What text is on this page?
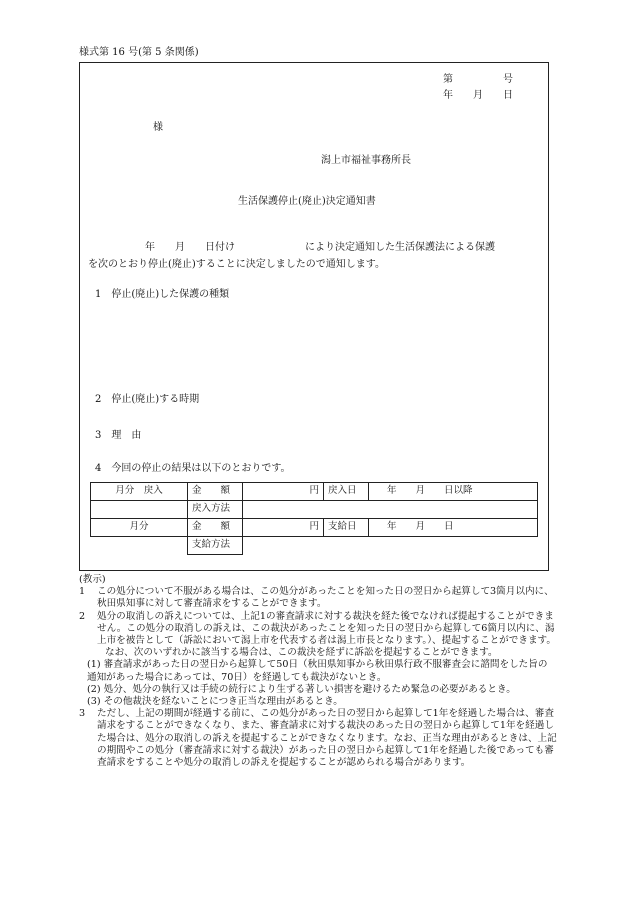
様式第 16 号(第 5 条関係)
第　　　　　号
年　　月　　日
様
潟上市福祉事務所長
生活保護停止(廃止)決定通知書
年　　月　　日付け　　　　　　　により決定通知した生活保護法による保護
を次のとおり停止(廃止)することに決定しましたので通知します。
1　停止(廃止)した保護の種類
2　停止(廃止)する時期
3　理　由
4　今回の停止の結果は以下のとおりです。
月分　戻入	金　　額	円	戻入日	年　　月　　日以降
	戻入方法			
月分	金　　額	円	支給日	年　　月　　日
	支給方法			
(教示)
1	この処分について不服がある場合は、この処分があったことを知った日の翌日から起算して3箇月以内に、秋田県知事に対して審査請求をすることができます。
2	処分の取消しの訴えについては、上記1の審査請求に対する裁決を経た後でなければ提起することができません。この処分の取消しの訴えは、この裁決があったことを知った日の翌日から起算して6箇月以内に、潟上市を被告として（訴訟において潟上市を代表する者は潟上市長となります。）、提起することができます。
なお、次のいずれかに該当する場合は、この裁決を経ずに訴訟を提起することができます。
(1) 審査請求があった日の翌日から起算して50日（秋田県知事から秋田県行政不服審査会に諮問をした旨の通知があった場合にあっては、70日）を経過しても裁決がないとき。
(2) 処分、処分の執行又は手続の続行により生ずる著しい損害を避けるため緊急の必要があるとき。
(3) その他裁決を経ないことにつき正当な理由があるとき。
3	ただし、上記の期間が経過する前に、この処分があった日の翌日から起算して1年を経過した場合は、審査請求をすることができなくなり、また、審査請求に対する裁決のあった日の翌日から起算して1年を経過した場合は、処分の取消しの訴えを提起することができなくなります。なお、正当な理由があるときは、上記の期間やこの処分（審査請求に対する裁決）があった日の翌日から起算して1年を経過した後であっても審査請求をすることや処分の取消しの訴えを提起することが認められる場合があります。
